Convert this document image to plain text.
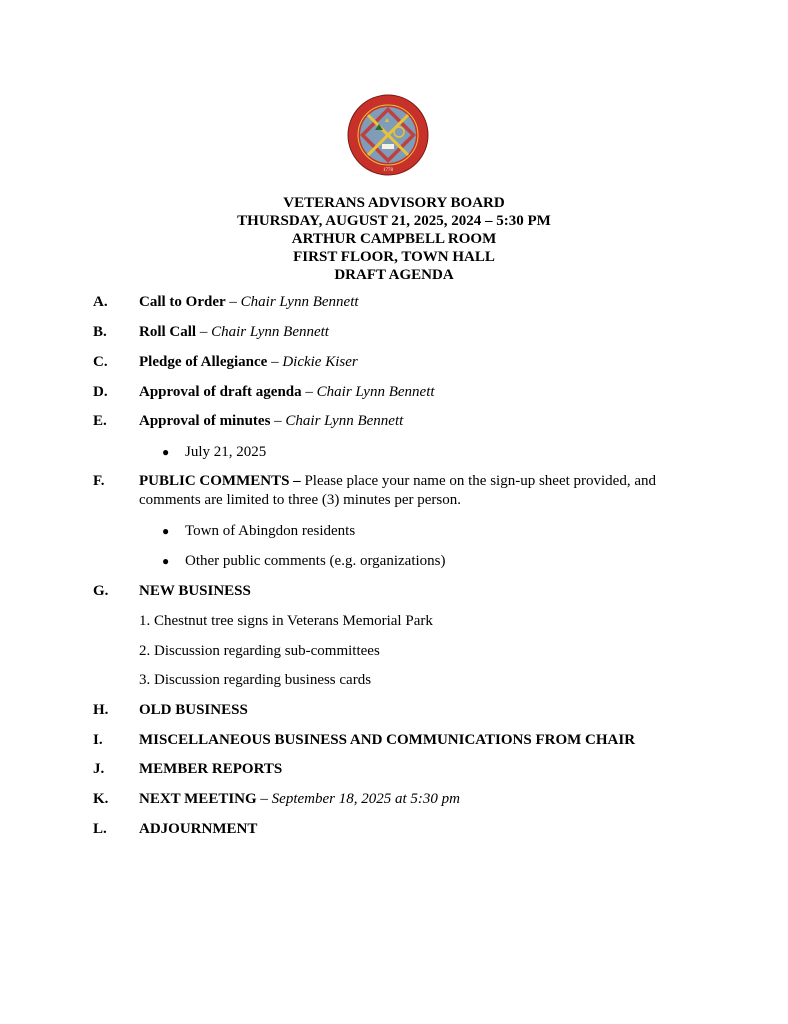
1778
VETERANS ADVISORY BOARD
THURSDAY, AUGUST 21, 2025, 2024 – 5:30 PM
ARTHUR CAMPBELL ROOM
FIRST FLOOR, TOWN HALL
DRAFT AGENDA
A. Call to Order – Chair Lynn Bennett
B. Roll Call – Chair Lynn Bennett
C. Pledge of Allegiance – Dickie Kiser
D. Approval of draft agenda – Chair Lynn Bennett
E. Approval of minutes – Chair Lynn Bennett
● July 21, 2025
F. PUBLIC COMMENTS – Please place your name on the sign-up sheet provided, and
comments are limited to three (3) minutes per person.
● Town of Abingdon residents
● Other public comments (e.g. organizations)
G. NEW BUSINESS
1. Chestnut tree signs in Veterans Memorial Park
2. Discussion regarding sub-committees
3. Discussion regarding business cards
H. OLD BUSINESS
I. MISCELLANEOUS BUSINESS AND COMMUNICATIONS FROM CHAIR
J. MEMBER REPORTS
K. NEXT MEETING – September 18, 2025 at 5:30 pm
L. ADJOURNMENT
